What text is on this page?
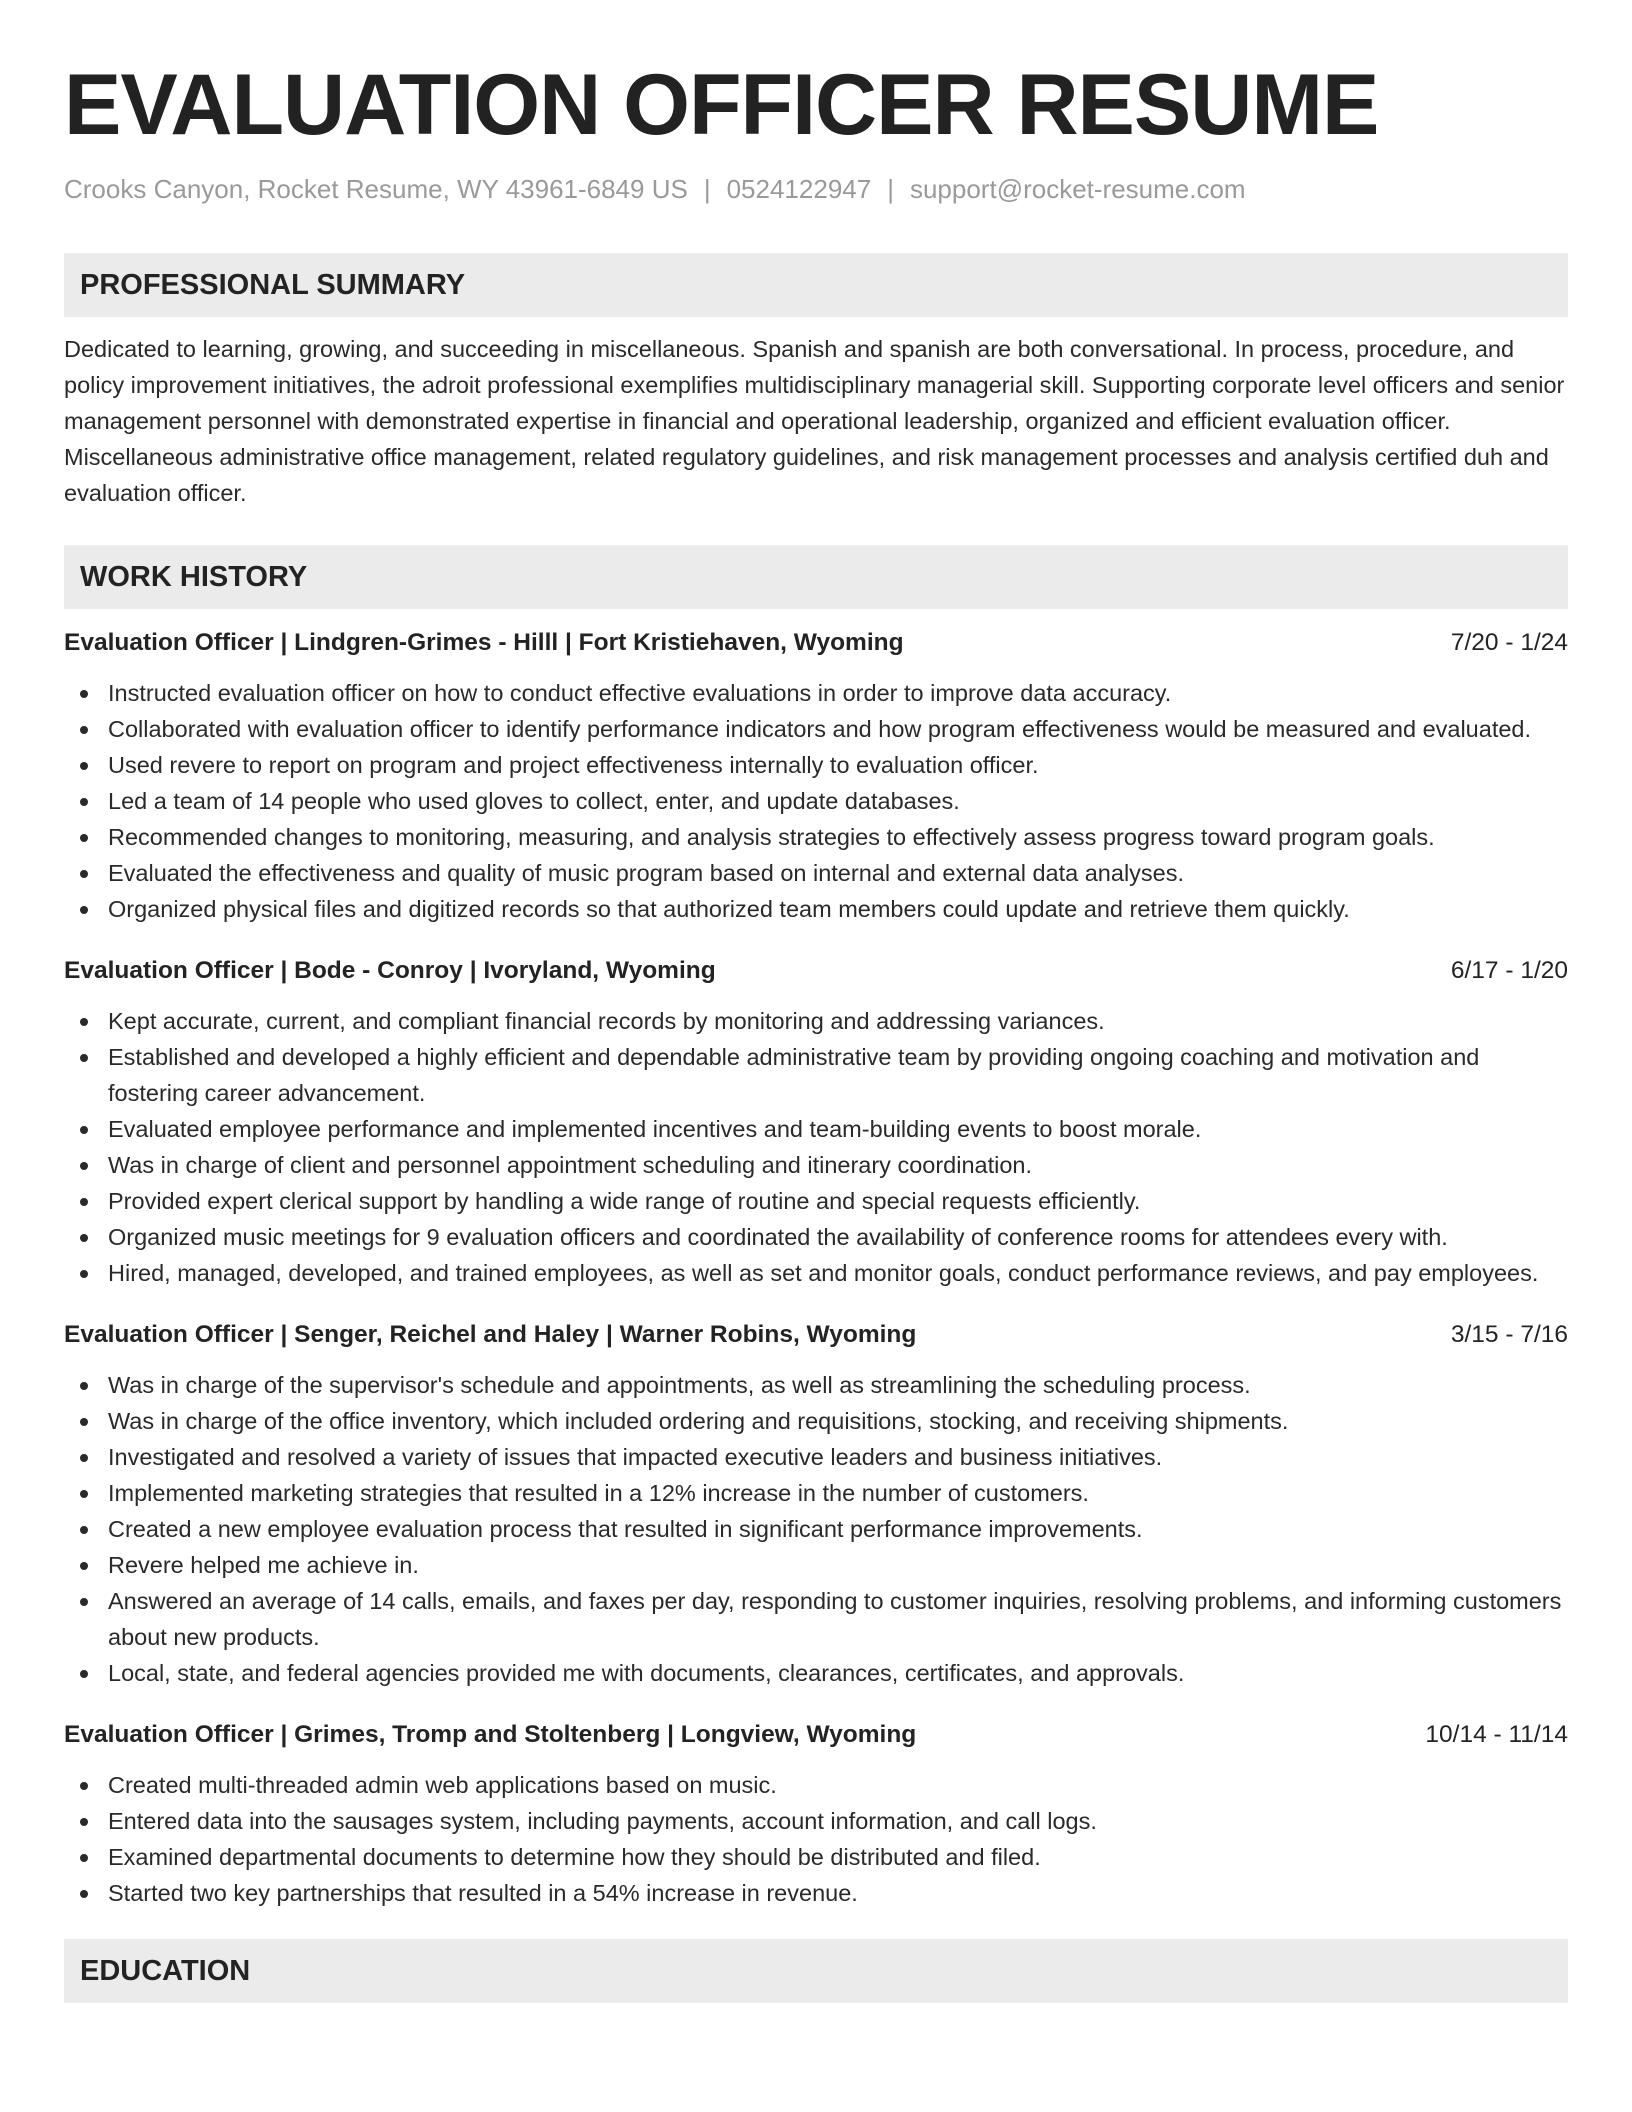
EVALUATION OFFICER RESUME
Crooks Canyon, Rocket Resume, WY 43961-6849 US | 0524122947 | support@rocket-resume.com
PROFESSIONAL SUMMARY

Dedicated to learning, growing, and succeeding in miscellaneous. Spanish and spanish are both conversational. In process, procedure, and policy improvement initiatives, the adroit professional exemplifies multidisciplinary managerial skill. Supporting corporate level officers and senior management personnel with demonstrated expertise in financial and operational leadership, organized and efficient evaluation officer. Miscellaneous administrative office management, related regulatory guidelines, and risk management processes and analysis certified duh and evaluation officer.

WORK HISTORY
Evaluation Officer | Lindgren-Grimes - Hilll | Fort Kristiehaven, Wyoming	7/20 - 1/24
Instructed evaluation officer on how to conduct effective evaluations in order to improve data accuracy.
Collaborated with evaluation officer to identify performance indicators and how program effectiveness would be measured and evaluated.
Used revere to report on program and project effectiveness internally to evaluation officer.
Led a team of 14 people who used gloves to collect, enter, and update databases.
Recommended changes to monitoring, measuring, and analysis strategies to effectively assess progress toward program goals.
Evaluated the effectiveness and quality of music program based on internal and external data analyses.
Organized physical files and digitized records so that authorized team members could update and retrieve them quickly.
Evaluation Officer | Bode - Conroy | Ivoryland, Wyoming	6/17 - 1/20
Kept accurate, current, and compliant financial records by monitoring and addressing variances.
Established and developed a highly efficient and dependable administrative team by providing ongoing coaching and motivation and fostering career advancement.
Evaluated employee performance and implemented incentives and team-building events to boost morale.
Was in charge of client and personnel appointment scheduling and itinerary coordination.
Provided expert clerical support by handling a wide range of routine and special requests efficiently.
Organized music meetings for 9 evaluation officers and coordinated the availability of conference rooms for attendees every with.
Hired, managed, developed, and trained employees, as well as set and monitor goals, conduct performance reviews, and pay employees.
Evaluation Officer | Senger, Reichel and Haley | Warner Robins, Wyoming	3/15 - 7/16
Was in charge of the supervisor's schedule and appointments, as well as streamlining the scheduling process.
Was in charge of the office inventory, which included ordering and requisitions, stocking, and receiving shipments.
Investigated and resolved a variety of issues that impacted executive leaders and business initiatives.
Implemented marketing strategies that resulted in a 12% increase in the number of customers.
Created a new employee evaluation process that resulted in significant performance improvements.
Revere helped me achieve in.
Answered an average of 14 calls, emails, and faxes per day, responding to customer inquiries, resolving problems, and informing customers about new products.
Local, state, and federal agencies provided me with documents, clearances, certificates, and approvals.
Evaluation Officer | Grimes, Tromp and Stoltenberg | Longview, Wyoming	10/14 - 11/14
Created multi-threaded admin web applications based on music.
Entered data into the sausages system, including payments, account information, and call logs.
Examined departmental documents to determine how they should be distributed and filed.
Started two key partnerships that resulted in a 54% increase in revenue.
EDUCATION
